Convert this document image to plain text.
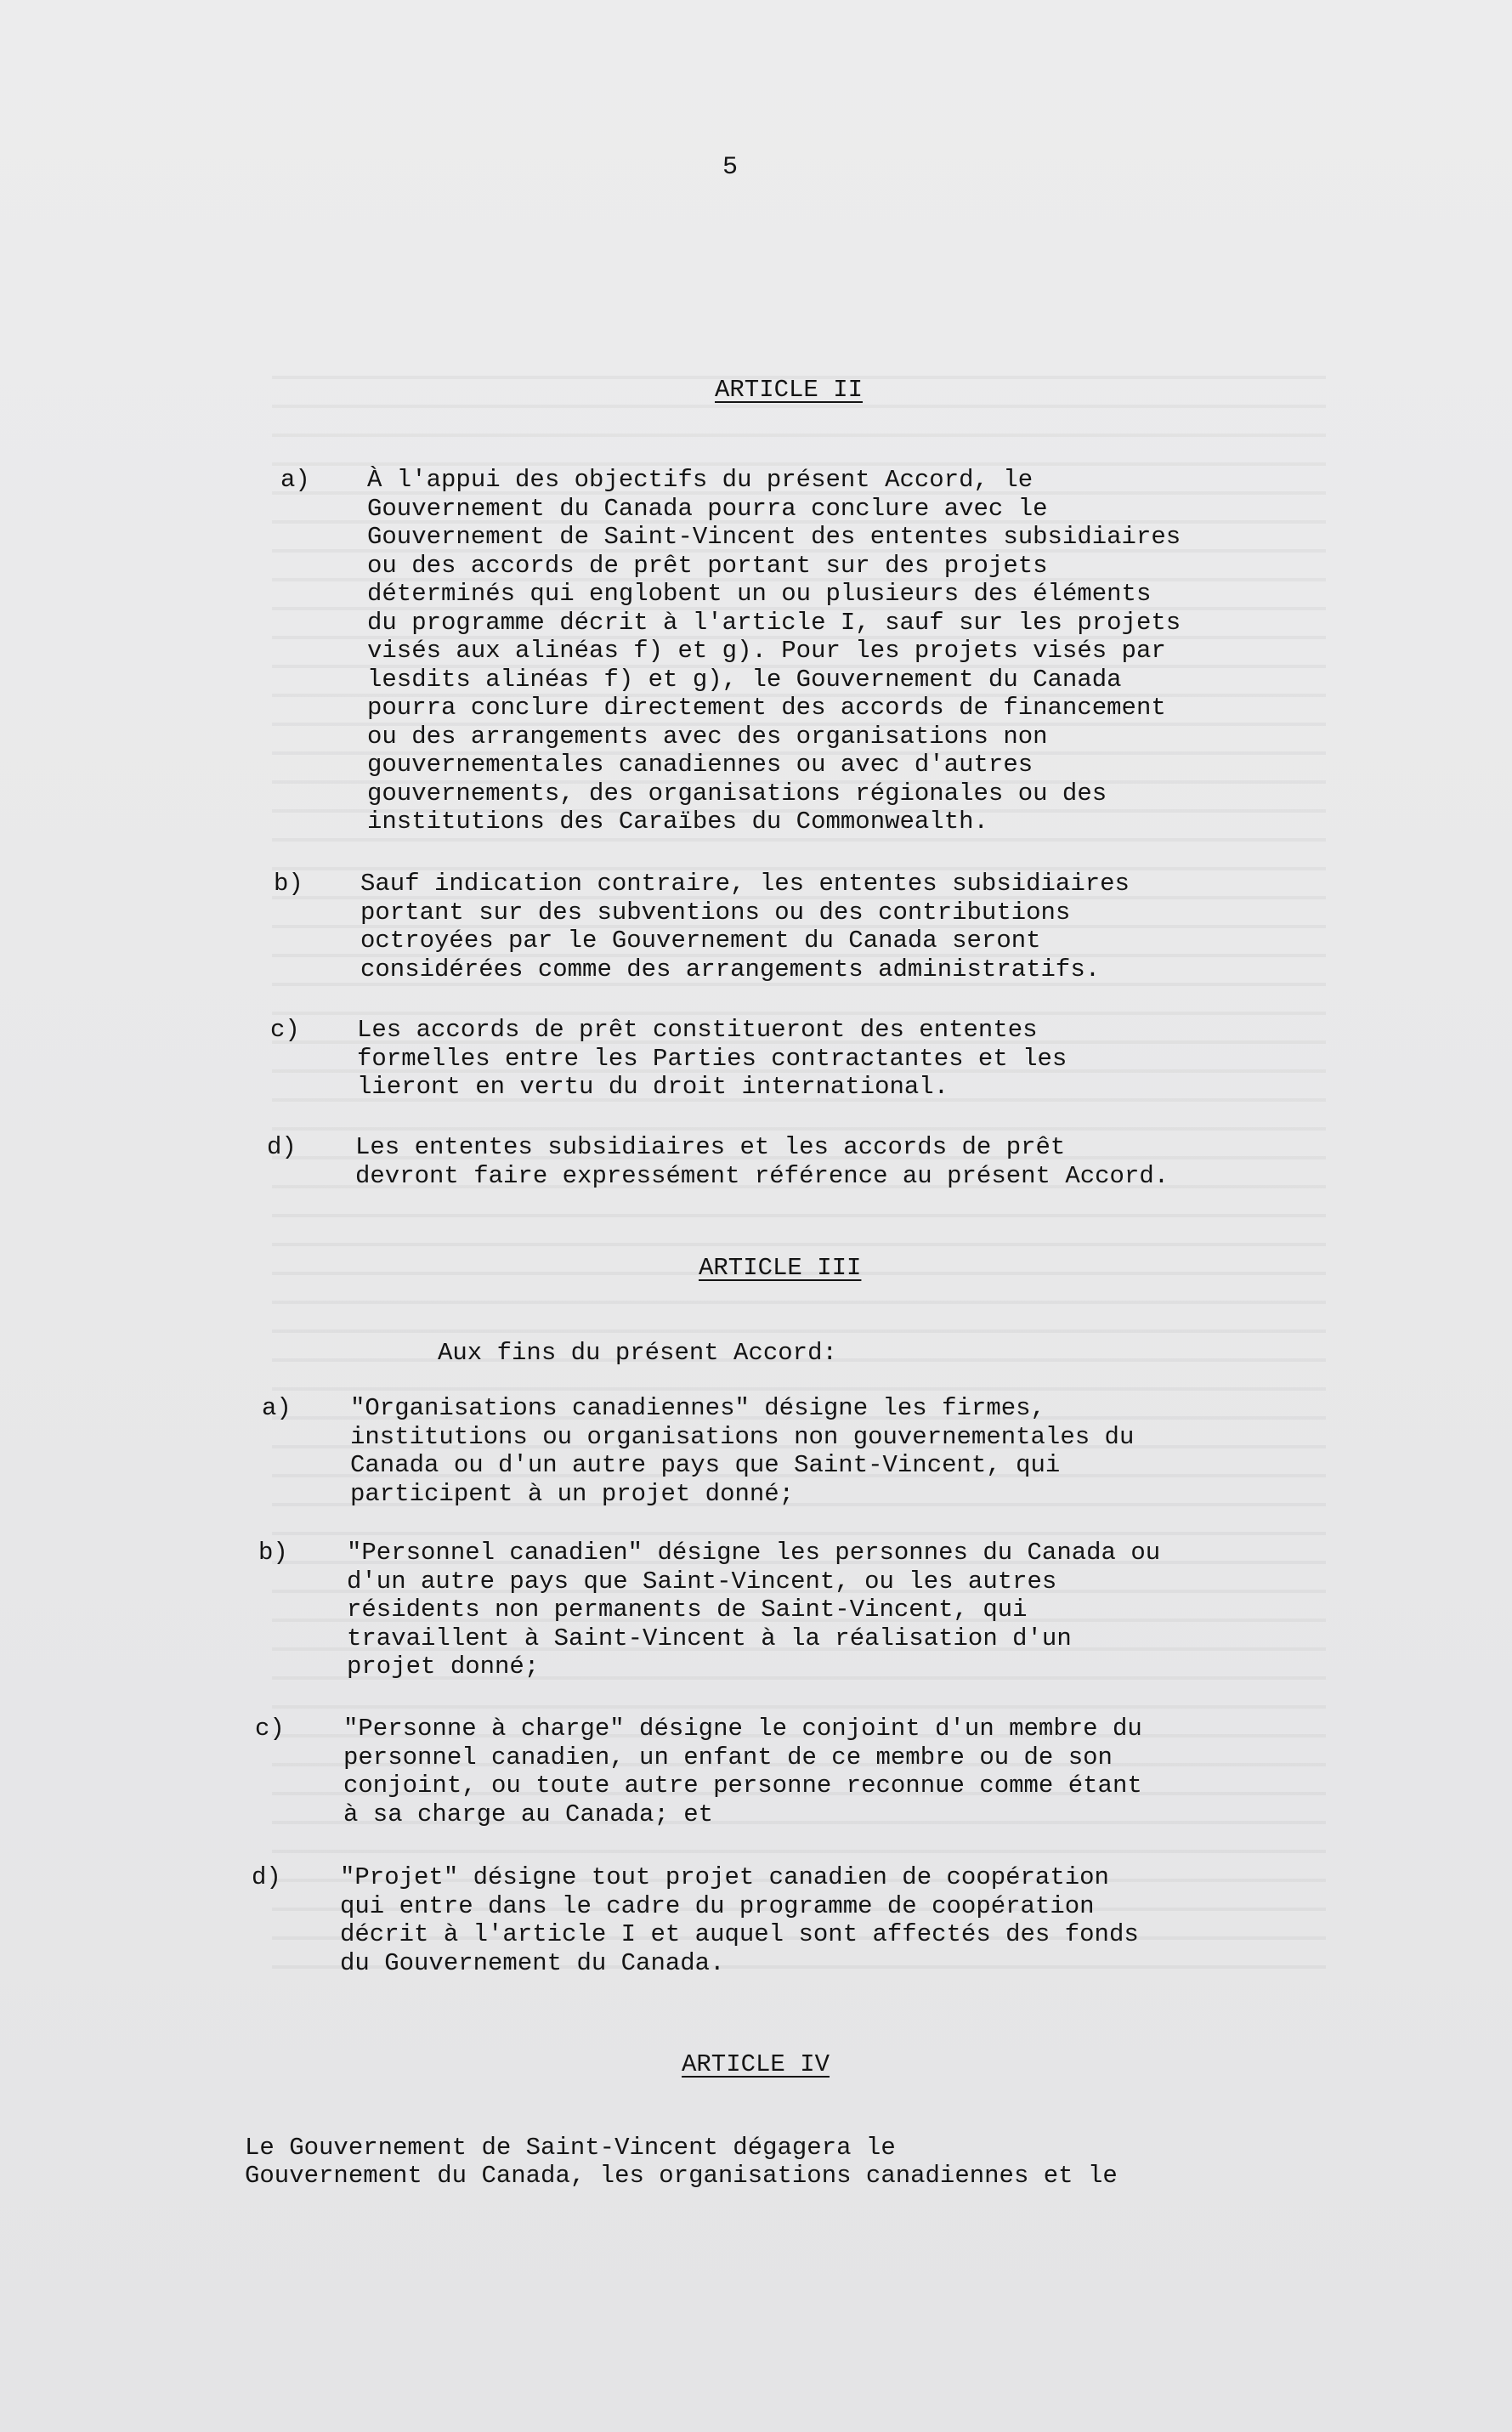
5
ARTICLE II
a) À l'appui des objectifs du présent Accord, le
Gouvernement du Canada pourra conclure avec le
Gouvernement de Saint-Vincent des ententes subsidiaires
ou des accords de prêt portant sur des projets
déterminés qui englobent un ou plusieurs des éléments
du programme décrit à l'article I, sauf sur les projets
visés aux alinéas f) et g). Pour les projets visés par
lesdits alinéas f) et g), le Gouvernement du Canada
pourra conclure directement des accords de financement
ou des arrangements avec des organisations non
gouvernementales canadiennes ou avec d'autres
gouvernements, des organisations régionales ou des
institutions des Caraïbes du Commonwealth.
b) Sauf indication contraire, les ententes subsidiaires
portant sur des subventions ou des contributions
octroyées par le Gouvernement du Canada seront
considérées comme des arrangements administratifs.
c) Les accords de prêt constitueront des ententes
formelles entre les Parties contractantes et les
lieront en vertu du droit international.
d) Les ententes subsidiaires et les accords de prêt
devront faire expressément référence au présent Accord.
ARTICLE III
Aux fins du présent Accord:
a) "Organisations canadiennes" désigne les firmes,
institutions ou organisations non gouvernementales du
Canada ou d'un autre pays que Saint-Vincent, qui
participent à un projet donné;
b) "Personnel canadien" désigne les personnes du Canada ou
d'un autre pays que Saint-Vincent, ou les autres
résidents non permanents de Saint-Vincent, qui
travaillent à Saint-Vincent à la réalisation d'un
projet donné;
c) "Personne à charge" désigne le conjoint d'un membre du
personnel canadien, un enfant de ce membre ou de son
conjoint, ou toute autre personne reconnue comme étant
à sa charge au Canada; et
d) "Projet" désigne tout projet canadien de coopération
qui entre dans le cadre du programme de coopération
décrit à l'article I et auquel sont affectés des fonds
du Gouvernement du Canada.
ARTICLE IV
Le Gouvernement de Saint-Vincent dégagera le
Gouvernement du Canada, les organisations canadiennes et le
